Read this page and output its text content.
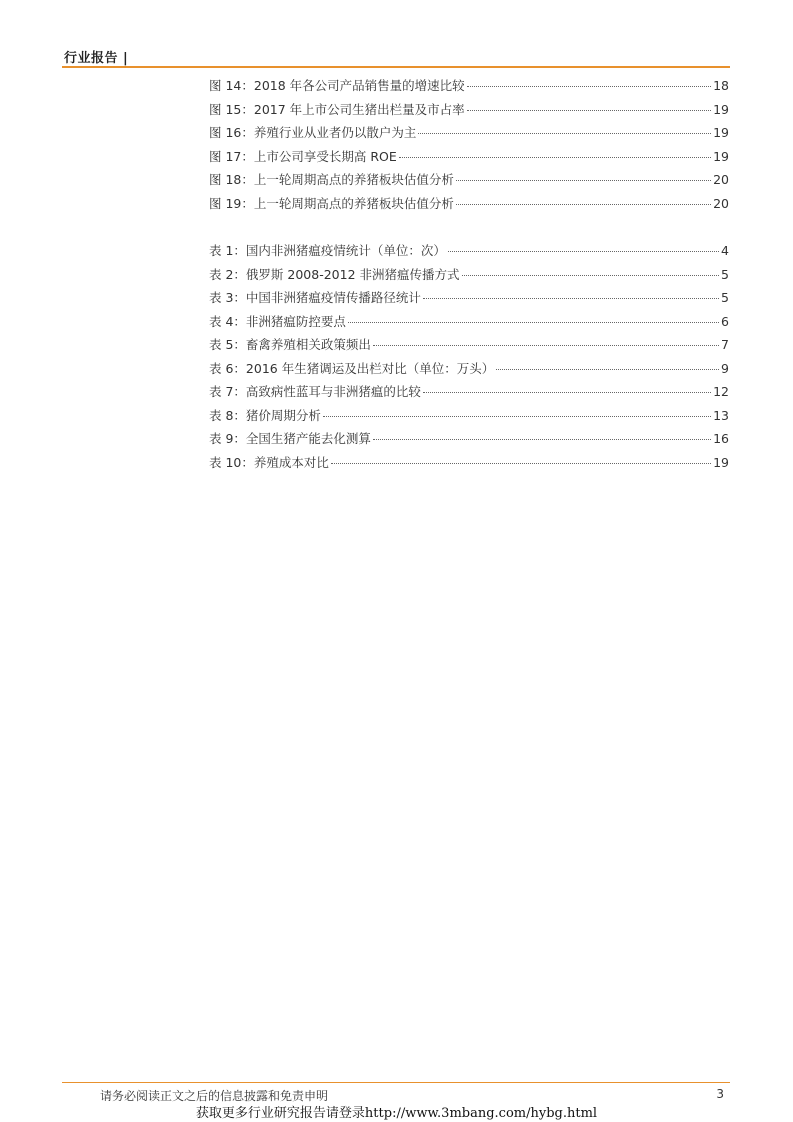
行业报告 |
图 14：2018 年各公司产品销售量的增速比较	18
图 15：2017 年上市公司生猪出栏量及市占率	19
图 16：养殖行业从业者仍以散户为主	19
图 17：上市公司享受长期高 ROE	19
图 18：上一轮周期高点的养猪板块估值分析	20
图 19：上一轮周期高点的养猪板块估值分析	20
表 1：国内非洲猪瘟疫情统计（单位：次）	4
表 2：俄罗斯 2008-2012 非洲猪瘟传播方式	5
表 3：中国非洲猪瘟疫情传播路径统计	5
表 4：非洲猪瘟防控要点	6
表 5：畜禽养殖相关政策频出	7
表 6：2016 年生猪调运及出栏对比（单位：万头）	9
表 7：高致病性蓝耳与非洲猪瘟的比较	12
表 8：猪价周期分析	13
表 9：全国生猪产能去化测算	16
表 10：养殖成本对比	19
请务必阅读正文之后的信息披露和免责申明	3
获取更多行业研究报告请登录http://www.3mbang.com/hybg.html
